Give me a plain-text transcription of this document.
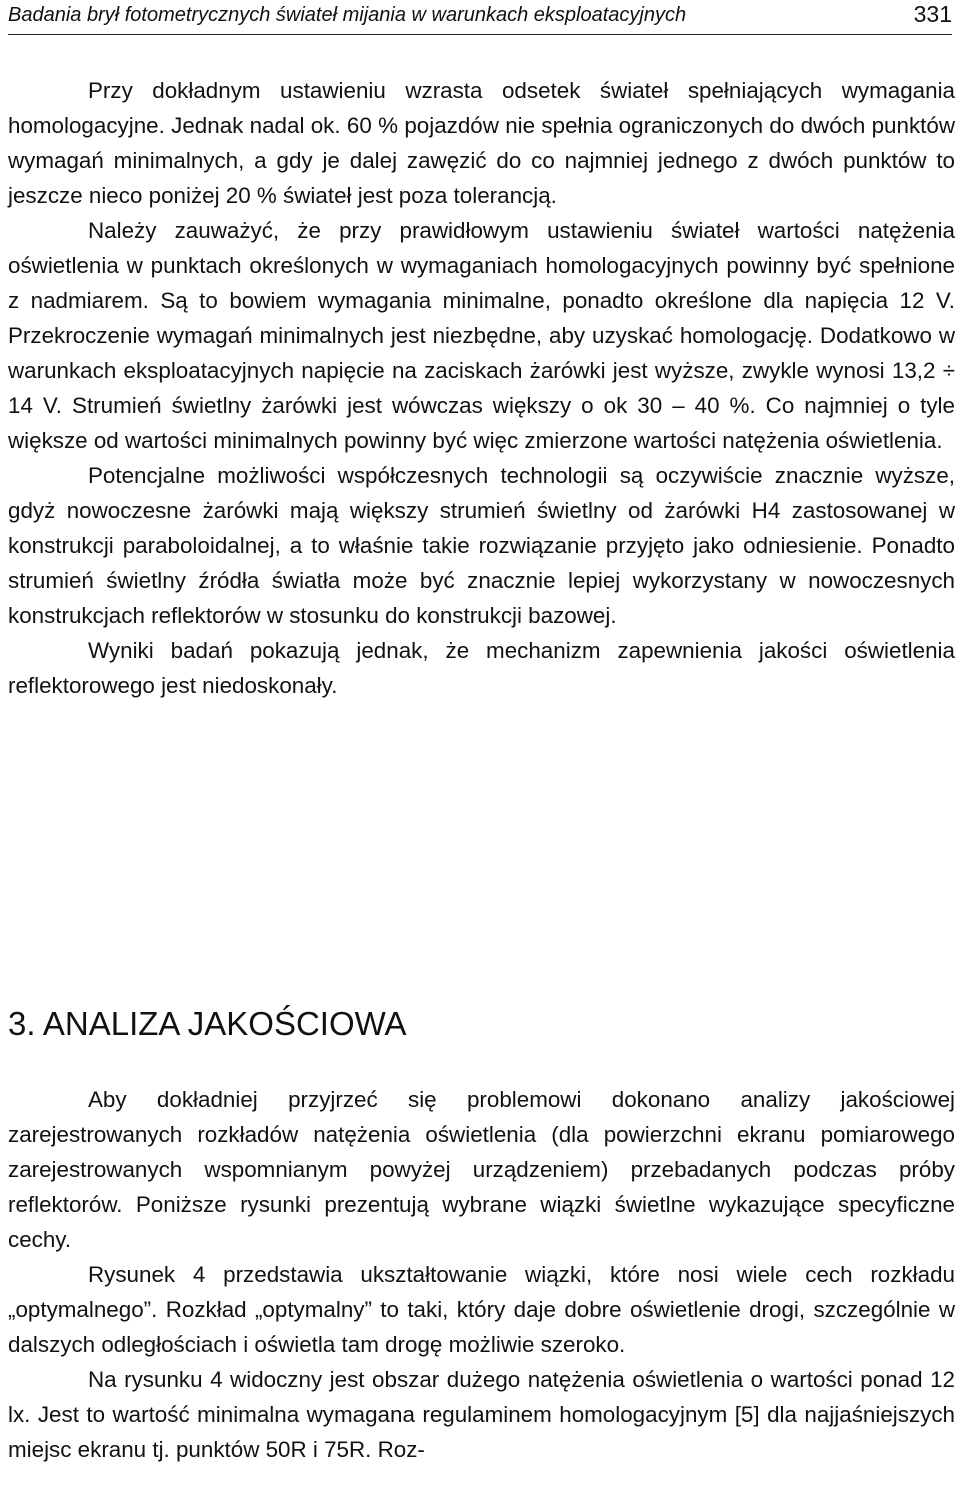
Badania brył fotometrycznych świateł mijania w warunkach eksploatacyjnych	331

Przy dokładnym ustawieniu wzrasta odsetek świateł spełniających wymagania homologacyjne. Jednak nadal ok. 60 % pojazdów nie spełnia ograniczonych do dwóch punktów wymagań minimalnych, a gdy je dalej zawęzić do co najmniej jednego z dwóch punktów to jeszcze nieco poniżej 20 % świateł jest poza tolerancją.

Należy zauważyć, że przy prawidłowym ustawieniu świateł wartości natężenia oświetlenia w punktach określonych w wymaganiach homologacyjnych powinny być spełnione z nadmiarem. Są to bowiem wymagania minimalne, ponadto określone dla napięcia 12 V. Przekroczenie wymagań minimalnych jest niezbędne, aby uzyskać homologację. Dodatkowo w warunkach eksploatacyjnych napięcie na zaciskach żarówki jest wyższe, zwykle wynosi 13,2 ÷ 14 V. Strumień świetlny żarówki jest wówczas większy o ok 30 – 40 %. Co najmniej o tyle większe od wartości minimalnych powinny być więc zmierzone wartości natężenia oświetlenia.

Potencjalne możliwości współczesnych technologii są oczywiście znacznie wyższe, gdyż nowoczesne żarówki mają większy strumień świetlny od żarówki H4 zastosowanej w konstrukcji paraboloidalnej, a to właśnie takie rozwiązanie przyjęto jako odniesienie. Ponadto strumień świetlny źródła światła może być znacznie lepiej wykorzystany w nowoczesnych konstrukcjach reflektorów w stosunku do konstrukcji bazowej.

Wyniki badań pokazują jednak, że mechanizm zapewnienia jakości oświetlenia reflektorowego jest niedoskonały.

3. ANALIZA JAKOŚCIOWA

Aby dokładniej przyjrzeć się problemowi dokonano analizy jakościowej zarejestrowanych rozkładów natężenia oświetlenia (dla powierzchni ekranu pomiarowego zarejestrowanych wspomnianym powyżej urządzeniem) przebadanych podczas próby reflektorów. Poniższe rysunki prezentują wybrane wiązki świetlne wykazujące specyficzne cechy.

Rysunek 4 przedstawia ukształtowanie wiązki, które nosi wiele cech rozkładu „optymalnego”. Rozkład „optymalny” to taki, który daje dobre oświetlenie drogi, szczególnie w dalszych odległościach i oświetla tam drogę możliwie szeroko.

Na rysunku 4 widoczny jest obszar dużego natężenia oświetlenia o wartości ponad 12 lx. Jest to wartość minimalna wymagana regulaminem homologacyjnym [5] dla najjaśniejszych miejsc ekranu tj. punktów 50R i 75R. Roz-
